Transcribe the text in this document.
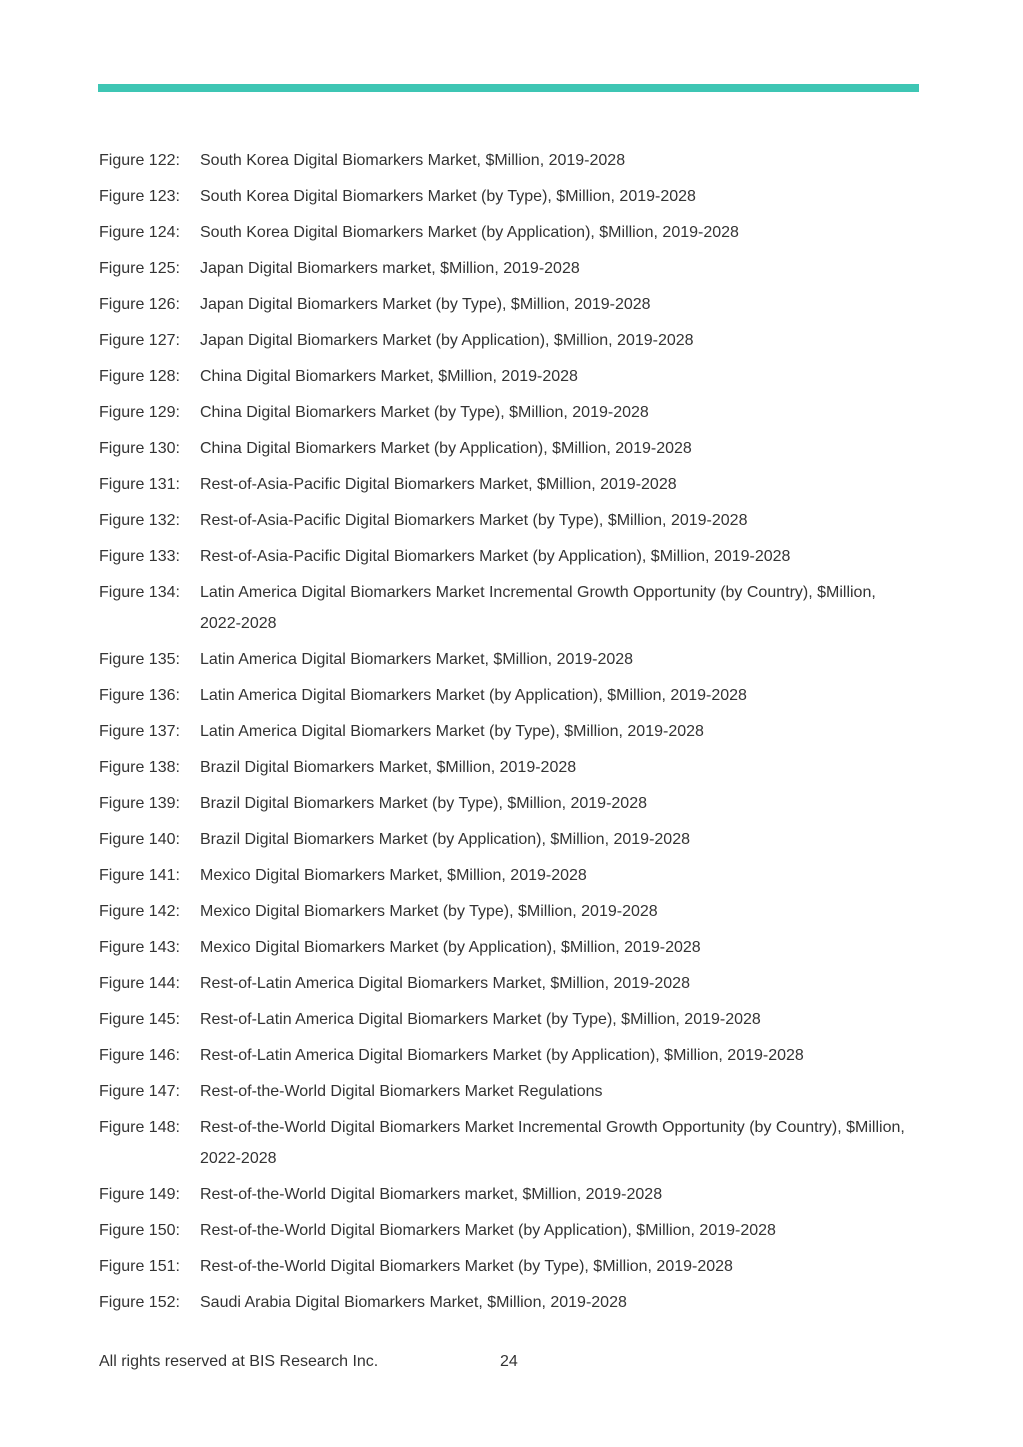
Figure 122:	South Korea Digital Biomarkers Market, $Million, 2019-2028
Figure 123:	South Korea Digital Biomarkers Market (by Type), $Million, 2019-2028
Figure 124:	South Korea Digital Biomarkers Market (by Application), $Million, 2019-2028
Figure 125:	Japan Digital Biomarkers market, $Million, 2019-2028
Figure 126:	Japan Digital Biomarkers Market (by Type), $Million, 2019-2028
Figure 127:	Japan Digital Biomarkers Market (by Application), $Million, 2019-2028
Figure 128:	China Digital Biomarkers Market, $Million, 2019-2028
Figure 129:	China Digital Biomarkers Market (by Type), $Million, 2019-2028
Figure 130:	China Digital Biomarkers Market (by Application), $Million, 2019-2028
Figure 131:	Rest-of-Asia-Pacific Digital Biomarkers Market, $Million, 2019-2028
Figure 132:	Rest-of-Asia-Pacific Digital Biomarkers Market (by Type), $Million, 2019-2028
Figure 133:	Rest-of-Asia-Pacific Digital Biomarkers Market (by Application), $Million, 2019-2028
Figure 134:	Latin America Digital Biomarkers Market Incremental Growth Opportunity (by Country), $Million, 2022-2028
Figure 135:	Latin America Digital Biomarkers Market, $Million, 2019-2028
Figure 136:	Latin America Digital Biomarkers Market (by Application), $Million, 2019-2028
Figure 137:	Latin America Digital Biomarkers Market (by Type), $Million, 2019-2028
Figure 138:	Brazil Digital Biomarkers Market, $Million, 2019-2028
Figure 139:	Brazil Digital Biomarkers Market (by Type), $Million, 2019-2028
Figure 140:	Brazil Digital Biomarkers Market (by Application), $Million, 2019-2028
Figure 141:	Mexico Digital Biomarkers Market, $Million, 2019-2028
Figure 142:	Mexico Digital Biomarkers Market (by Type), $Million, 2019-2028
Figure 143:	Mexico Digital Biomarkers Market (by Application), $Million, 2019-2028
Figure 144:	Rest-of-Latin America Digital Biomarkers Market, $Million, 2019-2028
Figure 145:	Rest-of-Latin America Digital Biomarkers Market (by Type), $Million, 2019-2028
Figure 146:	Rest-of-Latin America Digital Biomarkers Market (by Application), $Million, 2019-2028
Figure 147:	Rest-of-the-World Digital Biomarkers Market Regulations
Figure 148:	Rest-of-the-World Digital Biomarkers Market Incremental Growth Opportunity (by Country), $Million, 2022-2028
Figure 149:	Rest-of-the-World Digital Biomarkers market, $Million, 2019-2028
Figure 150:	Rest-of-the-World Digital Biomarkers Market (by Application), $Million, 2019-2028
Figure 151:	Rest-of-the-World Digital Biomarkers Market (by Type), $Million, 2019-2028
Figure 152:	Saudi Arabia Digital Biomarkers Market, $Million, 2019-2028
All rights reserved at BIS Research Inc.	24
